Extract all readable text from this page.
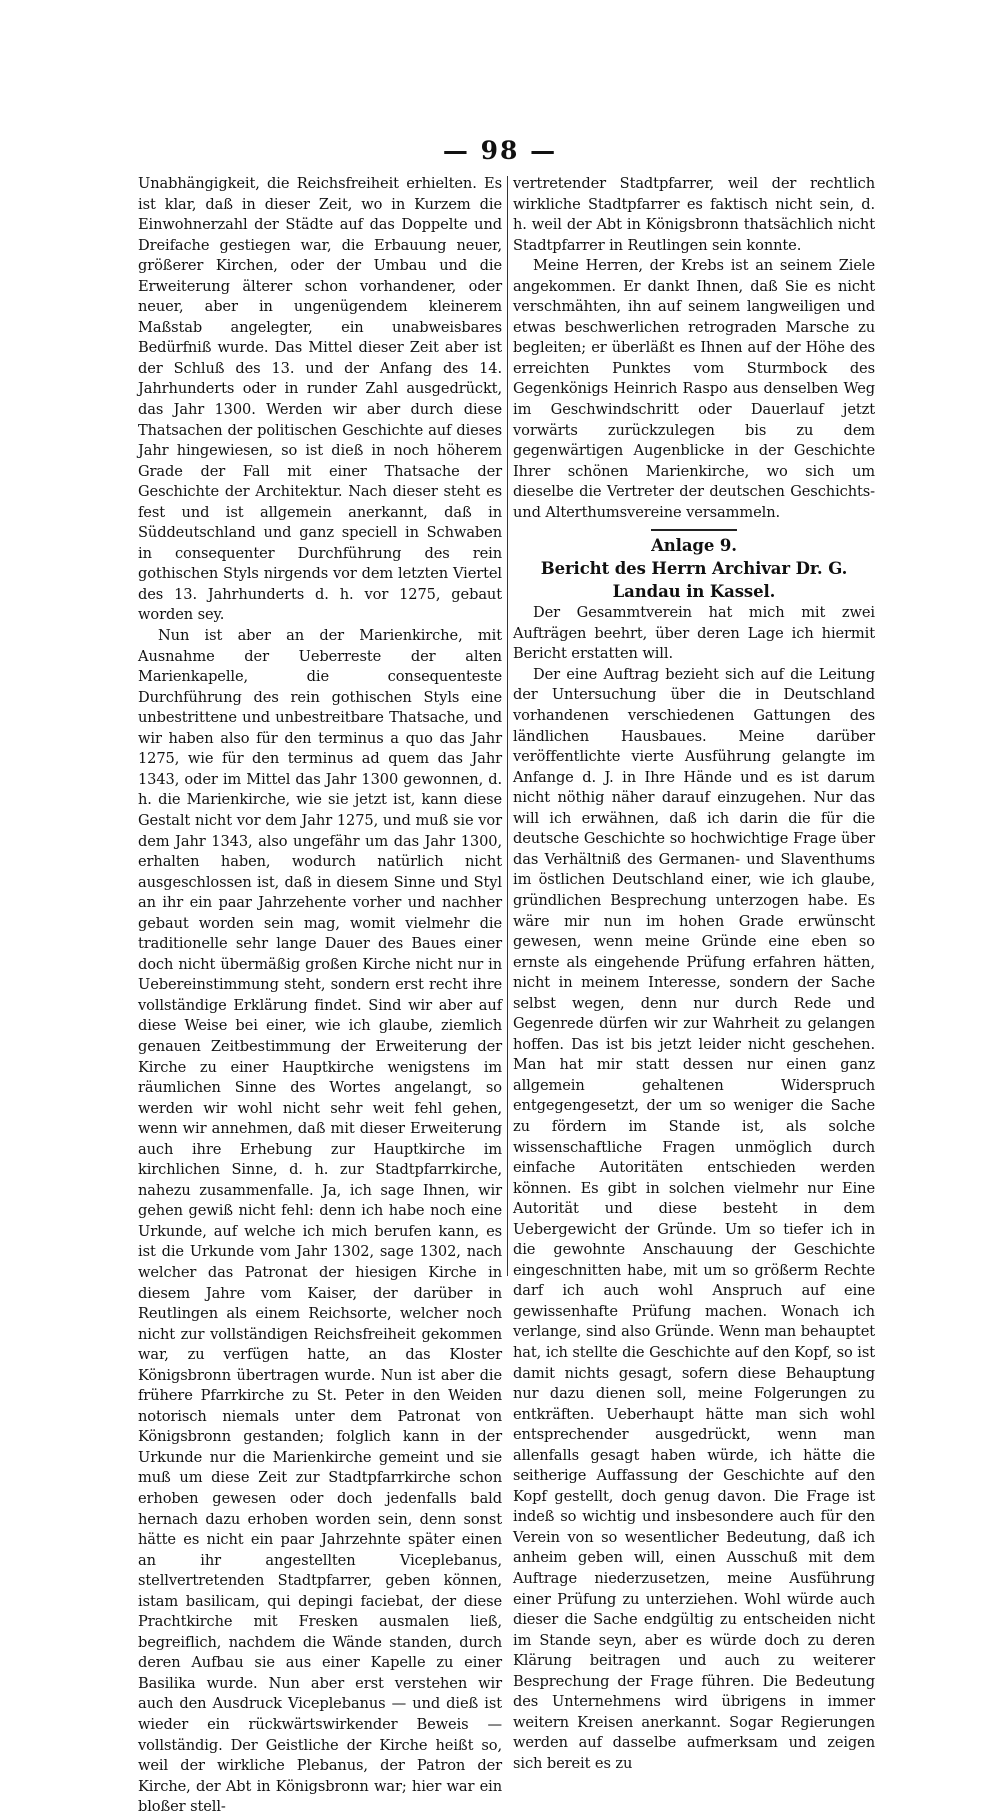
— 98 —

Unabhängigkeit, die Reichsfreiheit erhielten. Es ist klar, daß in dieser Zeit, wo in Kurzem die Einwohnerzahl der Städte auf das Doppelte und Dreifache gestiegen war, die Erbauung neuer, größerer Kirchen, oder der Umbau und die Erweiterung älterer schon vorhandener, oder neuer, aber in ungenügendem kleinerem Maßstab angelegter, ein unabweisbares Bedürfniß wurde. Das Mittel dieser Zeit aber ist der Schluß des 13. und der Anfang des 14. Jahrhunderts oder in runder Zahl ausgedrückt, das Jahr 1300. Werden wir aber durch diese Thatsachen der politischen Geschichte auf dieses Jahr hingewiesen, so ist dieß in noch höherem Grade der Fall mit einer Thatsache der Geschichte der Architektur. Nach dieser steht es fest und ist allgemein anerkannt, daß in Süddeutschland und ganz speciell in Schwaben in consequenter Durchführung des rein gothischen Styls nirgends vor dem letzten Viertel des 13. Jahrhunderts d. h. vor 1275, gebaut worden sey.

Nun ist aber an der Marienkirche, mit Ausnahme der Ueberreste der alten Marienkapelle, die consequenteste Durchführung des rein gothischen Styls eine unbestrittene und unbestreitbare Thatsache, und wir haben also für den terminus a quo das Jahr 1275, wie für den terminus ad quem das Jahr 1343, oder im Mittel das Jahr 1300 gewonnen, d. h. die Marienkirche, wie sie jetzt ist, kann diese Gestalt nicht vor dem Jahr 1275, und muß sie vor dem Jahr 1343, also ungefähr um das Jahr 1300, erhalten haben, wodurch natürlich nicht ausgeschlossen ist, daß in diesem Sinne und Styl an ihr ein paar Jahrzehente vorher und nachher gebaut worden sein mag, womit vielmehr die traditionelle sehr lange Dauer des Baues einer doch nicht übermäßig großen Kirche nicht nur in Uebereinstimmung steht, sondern erst recht ihre vollständige Erklärung findet. Sind wir aber auf diese Weise bei einer, wie ich glaube, ziemlich genauen Zeitbestimmung der Erweiterung der Kirche zu einer Hauptkirche wenigstens im räumlichen Sinne des Wortes angelangt, so werden wir wohl nicht sehr weit fehl gehen, wenn wir annehmen, daß mit dieser Erweiterung auch ihre Erhebung zur Hauptkirche im kirchlichen Sinne, d. h. zur Stadtpfarrkirche, nahezu zusammenfalle. Ja, ich sage Ihnen, wir gehen gewiß nicht fehl: denn ich habe noch eine Urkunde, auf welche ich mich berufen kann, es ist die Urkunde vom Jahr 1302, sage 1302, nach welcher das Patronat der hiesigen Kirche in diesem Jahre vom Kaiser, der darüber in Reutlingen als einem Reichsorte, welcher noch nicht zur vollständigen Reichsfreiheit gekommen war, zu verfügen hatte, an das Kloster Königsbronn übertragen wurde. Nun ist aber die frühere Pfarrkirche zu St. Peter in den Weiden notorisch niemals unter dem Patronat von Königsbronn gestanden; folglich kann in der Urkunde nur die Marienkirche gemeint und sie muß um diese Zeit zur Stadtpfarrkirche schon erhoben gewesen oder doch jedenfalls bald hernach dazu erhoben worden sein, denn sonst hätte es nicht ein paar Jahrzehnte später einen an ihr angestellten Viceplebanus, stellvertretenden Stadtpfarrer, geben können, istam basilicam, qui depingi faciebat, der diese Prachtkirche mit Fresken ausmalen ließ, begreiflich, nachdem die Wände standen, durch deren Aufbau sie aus einer Kapelle zu einer Basilika wurde. Nun aber erst verstehen wir auch den Ausdruck Viceplebanus — und dieß ist wieder ein rückwärtswirkender Beweis — vollständig. Der Geistliche der Kirche heißt so, weil der wirkliche Plebanus, der Patron der Kirche, der Abt in Königsbronn war; hier war ein bloßer stell-

vertretender Stadtpfarrer, weil der rechtlich wirkliche Stadtpfarrer es faktisch nicht sein, d. h. weil der Abt in Königsbronn thatsächlich nicht Stadtpfarrer in Reutlingen sein konnte.

Meine Herren, der Krebs ist an seinem Ziele angekommen. Er dankt Ihnen, daß Sie es nicht verschmähten, ihn auf seinem langweiligen und etwas beschwerlichen retrograden Marsche zu begleiten; er überläßt es Ihnen auf der Höhe des erreichten Punktes vom Sturmbock des Gegenkönigs Heinrich Raspo aus denselben Weg im Geschwindschritt oder Dauerlauf jetzt vorwärts zurückzulegen bis zu dem gegenwärtigen Augenblicke in der Geschichte Ihrer schönen Marienkirche, wo sich um dieselbe die Vertreter der deutschen Geschichts- und Alterthumsvereine versammeln.

Anlage 9.

Bericht des Herrn Archivar Dr. G. Landau in Kassel.

Der Gesammtverein hat mich mit zwei Aufträgen beehrt, über deren Lage ich hiermit Bericht erstatten will.

Der eine Auftrag bezieht sich auf die Leitung der Untersuchung über die in Deutschland vorhandenen verschiedenen Gattungen des ländlichen Hausbaues. Meine darüber veröffentlichte vierte Ausführung gelangte im Anfange d. J. in Ihre Hände und es ist darum nicht nöthig näher darauf einzugehen. Nur das will ich erwähnen, daß ich darin die für die deutsche Geschichte so hochwichtige Frage über das Verhältniß des Germanen- und Slaventhums im östlichen Deutschland einer, wie ich glaube, gründlichen Besprechung unterzogen habe. Es wäre mir nun im hohen Grade erwünscht gewesen, wenn meine Gründe eine eben so ernste als eingehende Prüfung erfahren hätten, nicht in meinem Interesse, sondern der Sache selbst wegen, denn nur durch Rede und Gegenrede dürfen wir zur Wahrheit zu gelangen hoffen. Das ist bis jetzt leider nicht geschehen. Man hat mir statt dessen nur einen ganz allgemein gehaltenen Widerspruch entgegengesetzt, der um so weniger die Sache zu fördern im Stande ist, als solche wissenschaftliche Fragen unmöglich durch einfache Autoritäten entschieden werden können. Es gibt in solchen vielmehr nur Eine Autorität und diese besteht in dem Uebergewicht der Gründe. Um so tiefer ich in die gewohnte Anschauung der Geschichte eingeschnitten habe, mit um so größerm Rechte darf ich auch wohl Anspruch auf eine gewissenhafte Prüfung machen. Wonach ich verlange, sind also Gründe. Wenn man behauptet hat, ich stellte die Geschichte auf den Kopf, so ist damit nichts gesagt, sofern diese Behauptung nur dazu dienen soll, meine Folgerungen zu entkräften. Ueberhaupt hätte man sich wohl entsprechender ausgedrückt, wenn man allenfalls gesagt haben würde, ich hätte die seitherige Auffassung der Geschichte auf den Kopf gestellt, doch genug davon. Die Frage ist indeß so wichtig und insbesondere auch für den Verein von so wesentlicher Bedeutung, daß ich anheim geben will, einen Ausschuß mit dem Auftrage niederzusetzen, meine Ausführung einer Prüfung zu unterziehen. Wohl würde auch dieser die Sache endgültig zu entscheiden nicht im Stande seyn, aber es würde doch zu deren Klärung beitragen und auch zu weiterer Besprechung der Frage führen. Die Bedeutung des Unternehmens wird übrigens in immer weitern Kreisen anerkannt. Sogar Regierungen werden auf dasselbe aufmerksam und zeigen sich bereit es zu
